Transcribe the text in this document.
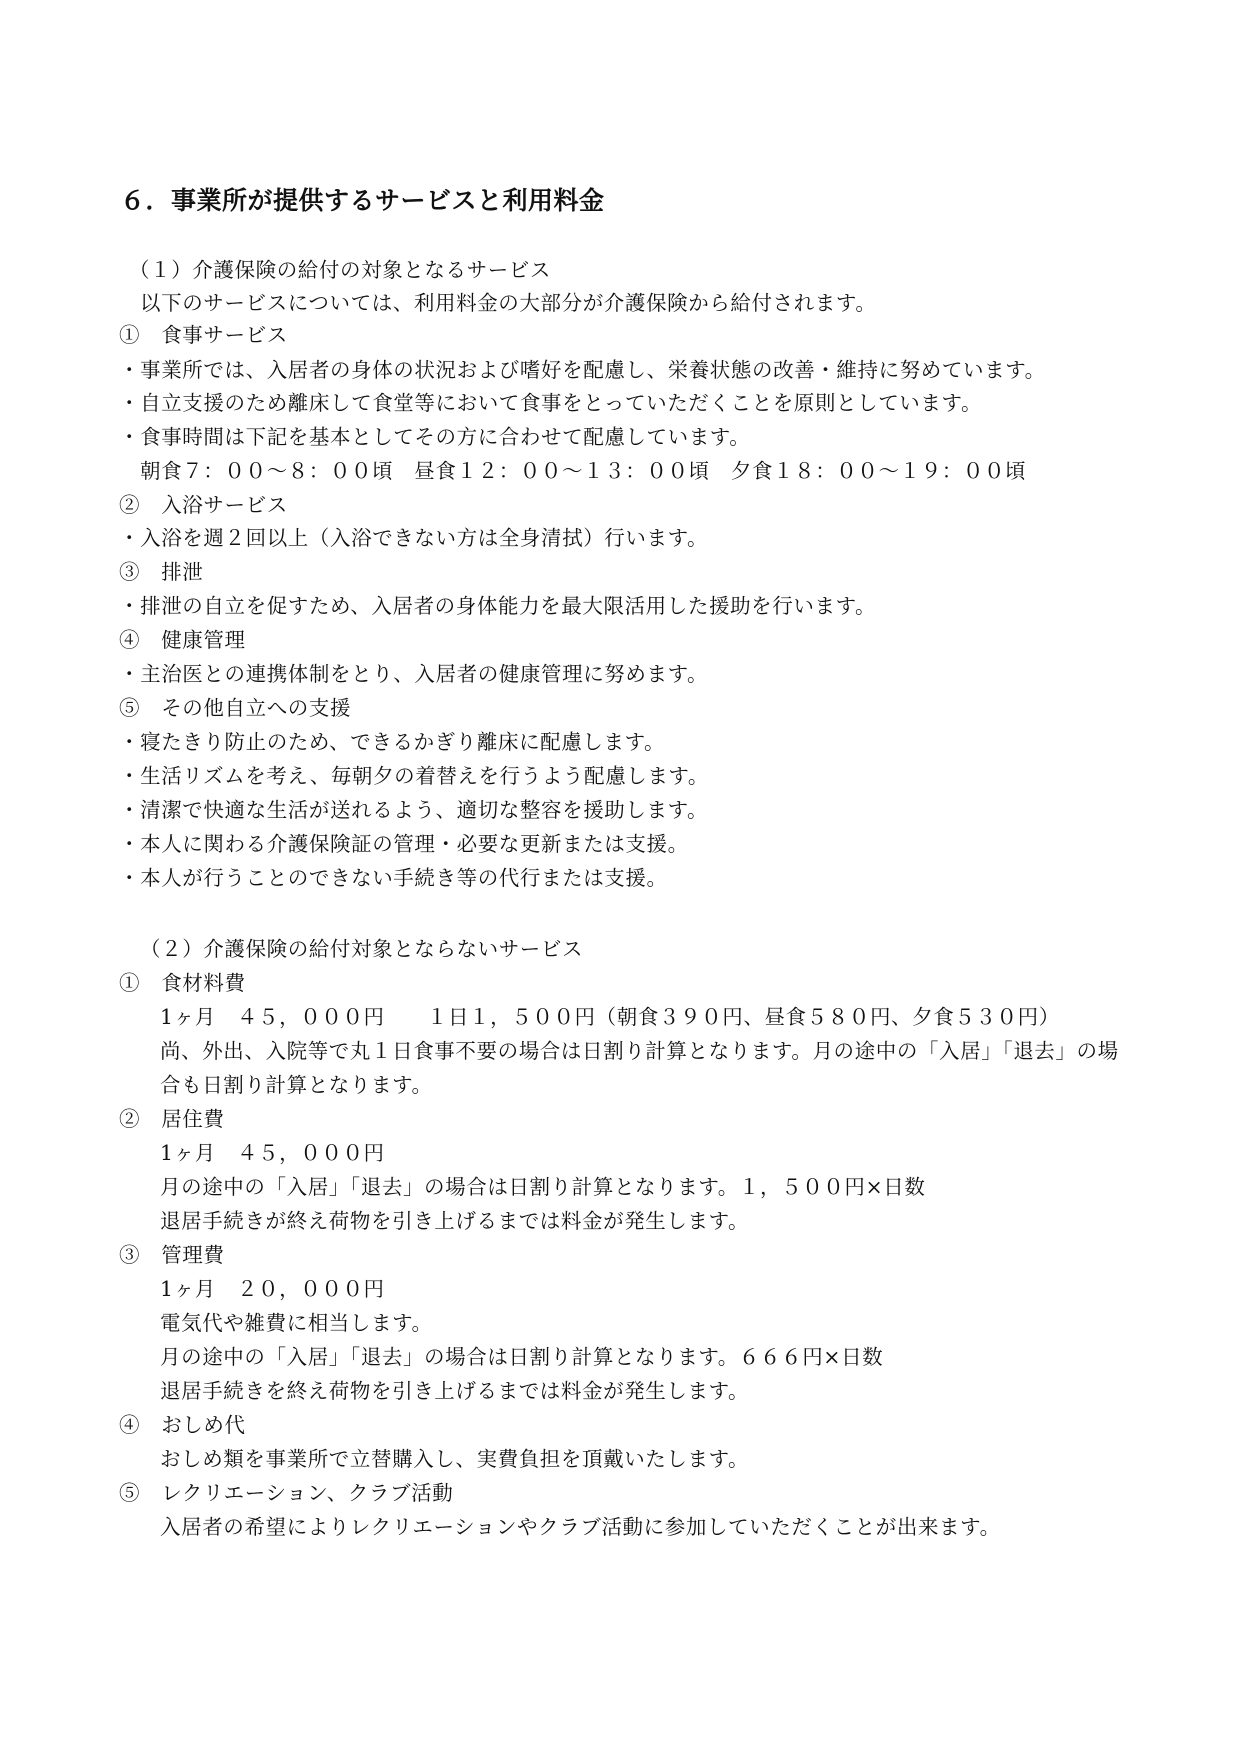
６．事業所が提供するサービスと利用料金
（１）介護保険の給付の対象となるサービス
以下のサービスについては、利用料金の大部分が介護保険から給付されます。
①　食事サービス
・事業所では、入居者の身体の状況および嗜好を配慮し、栄養状態の改善・維持に努めています。
・自立支援のため離床して食堂等において食事をとっていただくことを原則としています。
・食事時間は下記を基本としてその方に合わせて配慮しています。
朝食７：００～８：００頃　昼食１２：００～１３：００頃　夕食１８：００～１９：００頃
②　入浴サービス
・入浴を週２回以上（入浴できない方は全身清拭）行います。
③　排泄
・排泄の自立を促すため、入居者の身体能力を最大限活用した援助を行います。
④　健康管理
・主治医との連携体制をとり、入居者の健康管理に努めます。
⑤　その他自立への支援
・寝たきり防止のため、できるかぎり離床に配慮します。
・生活リズムを考え、毎朝夕の着替えを行うよう配慮します。
・清潔で快適な生活が送れるよう、適切な整容を援助します。
・本人に関わる介護保険証の管理・必要な更新または支援。
・本人が行うことのできない手続き等の代行または支援。
（２）介護保険の給付対象とならないサービス
①　食材料費
1ヶ月　４５，０００円　　１日１，５００円（朝食３９０円、昼食５８０円、夕食５３０円）
尚、外出、入院等で丸１日食事不要の場合は日割り計算となります。月の途中の「入居」「退去」の場
合も日割り計算となります。
②　居住費
1ヶ月　４５，０００円
月の途中の「入居」「退去」の場合は日割り計算となります。１，５００円×日数
退居手続きが終え荷物を引き上げるまでは料金が発生します。
③　管理費
1ヶ月　２０，０００円
電気代や雑費に相当します。
月の途中の「入居」「退去」の場合は日割り計算となります。６６６円×日数
退居手続きを終え荷物を引き上げるまでは料金が発生します。
④　おしめ代
おしめ類を事業所で立替購入し、実費負担を頂戴いたします。
⑤　レクリエーション、クラブ活動
入居者の希望によりレクリエーションやクラブ活動に参加していただくことが出来ます。
